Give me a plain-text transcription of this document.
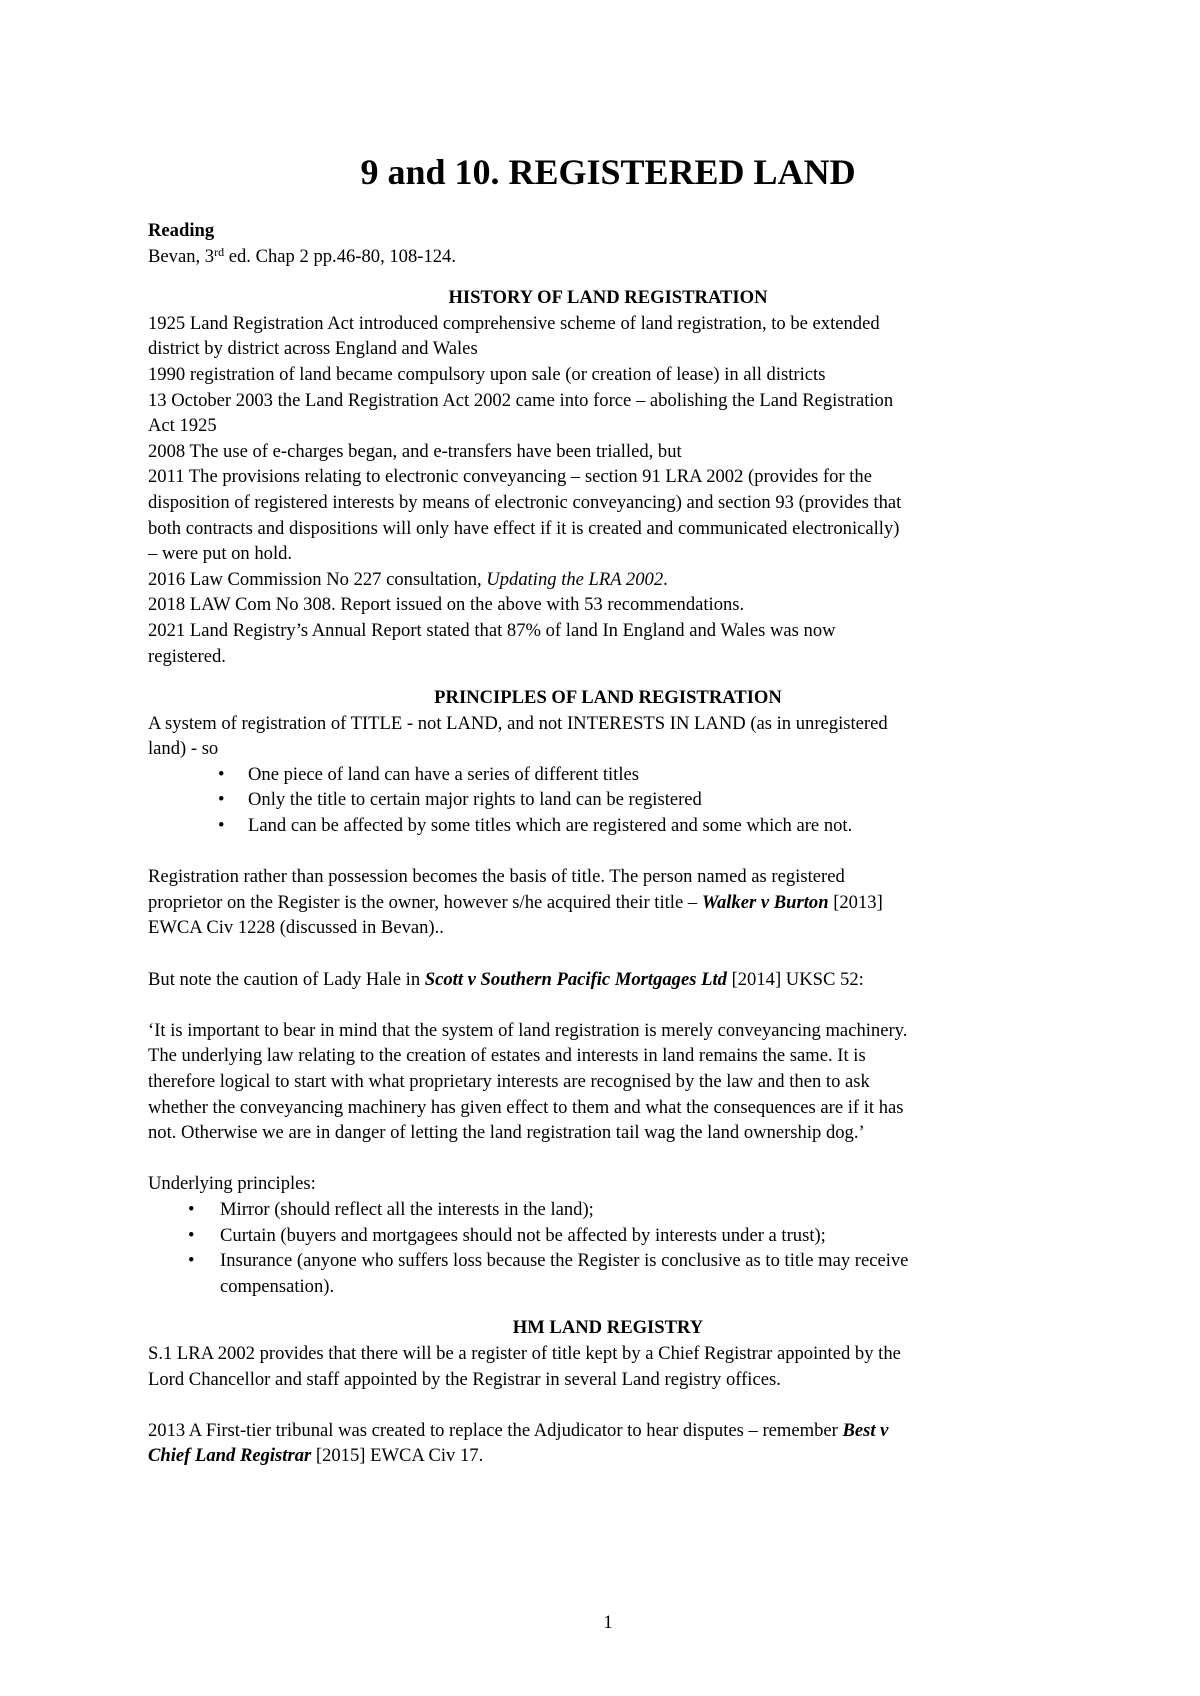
9 and 10. REGISTERED LAND
Reading
Bevan, 3rd ed. Chap 2 pp.46-80, 108-124.
HISTORY OF LAND REGISTRATION
1925 Land Registration Act introduced comprehensive scheme of land registration, to be extended
district by district across England and Wales
1990 registration of land became compulsory upon sale (or creation of lease) in all districts
13 October 2003 the Land Registration Act 2002 came into force – abolishing the Land Registration
Act 1925
2008 The use of e-charges began, and e-transfers have been trialled, but
2011 The provisions relating to electronic conveyancing – section 91 LRA 2002 (provides for the
disposition of registered interests by means of electronic conveyancing) and section 93 (provides that
both contracts and dispositions will only have effect if it is created and communicated electronically)
– were put on hold.
2016 Law Commission No 227 consultation, Updating the LRA 2002.
2018 LAW Com No 308. Report issued on the above with 53 recommendations.
2021 Land Registry’s Annual Report stated that 87% of land In England and Wales was now
registered.
PRINCIPLES OF LAND REGISTRATION
A system of registration of TITLE - not LAND, and not INTERESTS IN LAND (as in unregistered
land) - so
• One piece of land can have a series of different titles
• Only the title to certain major rights to land can be registered
• Land can be affected by some titles which are registered and some which are not.
Registration rather than possession becomes the basis of title. The person named as registered
proprietor on the Register is the owner, however s/he acquired their title – Walker v Burton [2013]
EWCA Civ 1228 (discussed in Bevan)..
But note the caution of Lady Hale in Scott v Southern Pacific Mortgages Ltd [2014] UKSC 52:
‘It is important to bear in mind that the system of land registration is merely conveyancing machinery.
The underlying law relating to the creation of estates and interests in land remains the same. It is
therefore logical to start with what proprietary interests are recognised by the law and then to ask
whether the conveyancing machinery has given effect to them and what the consequences are if it has
not. Otherwise we are in danger of letting the land registration tail wag the land ownership dog.’
Underlying principles:
• Mirror (should reflect all the interests in the land);
• Curtain (buyers and mortgagees should not be affected by interests under a trust);
• Insurance (anyone who suffers loss because the Register is conclusive as to title may receive
compensation).
HM LAND REGISTRY
S.1 LRA 2002 provides that there will be a register of title kept by a Chief Registrar appointed by the
Lord Chancellor and staff appointed by the Registrar in several Land registry offices.
2013 A First-tier tribunal was created to replace the Adjudicator to hear disputes – remember Best v
Chief Land Registrar [2015] EWCA Civ 17.
1
